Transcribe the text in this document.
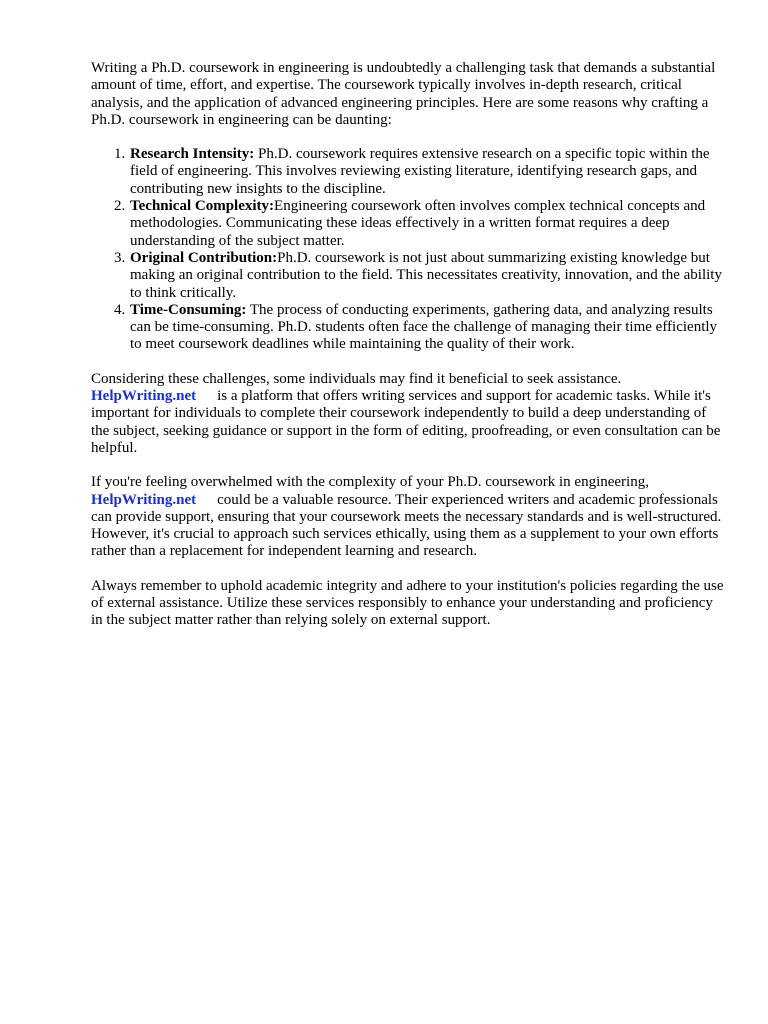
Writing a Ph.D. coursework in engineering is undoubtedly a challenging task that demands a substantial amount of time, effort, and expertise. The coursework typically involves in-depth research, critical analysis, and the application of advanced engineering principles. Here are some reasons why crafting a Ph.D. coursework in engineering can be daunting:

1. Research Intensity: Ph.D. coursework requires extensive research on a specific topic within the field of engineering. This involves reviewing existing literature, identifying research gaps, and contributing new insights to the discipline.
2. Technical Complexity:Engineering coursework often involves complex technical concepts and methodologies. Communicating these ideas effectively in a written format requires a deep understanding of the subject matter.
3. Original Contribution:Ph.D. coursework is not just about summarizing existing knowledge but making an original contribution to the field. This necessitates creativity, innovation, and the ability to think critically.
4. Time-Consuming: The process of conducting experiments, gathering data, and analyzing results can be time-consuming. Ph.D. students often face the challenge of managing their time efficiently to meet coursework deadlines while maintaining the quality of their work.

Considering these challenges, some individuals may find it beneficial to seek assistance.
HelpWriting.net is a platform that offers writing services and support for academic tasks. While it's important for individuals to complete their coursework independently to build a deep understanding of the subject, seeking guidance or support in the form of editing, proofreading, or even consultation can be helpful.

If you're feeling overwhelmed with the complexity of your Ph.D. coursework in engineering,
HelpWriting.net could be a valuable resource. Their experienced writers and academic professionals can provide support, ensuring that your coursework meets the necessary standards and is well-structured. However, it's crucial to approach such services ethically, using them as a supplement to your own efforts rather than a replacement for independent learning and research.

Always remember to uphold academic integrity and adhere to your institution's policies regarding the use of external assistance. Utilize these services responsibly to enhance your understanding and proficiency in the subject matter rather than relying solely on external support.
